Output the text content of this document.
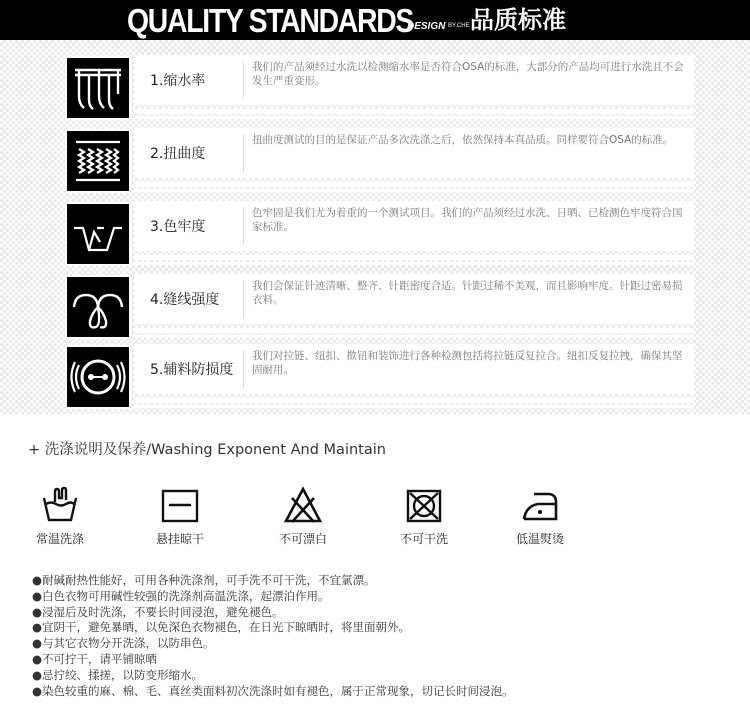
QUALITY STANDARDS
DESIGN BY.CHE 品质标准
1.缩水率
我们的产品须经过水洗以检测缩水率是否符合OSA的标准，大部分的产品均可进行水洗且不会发生严重变形。
2.扭曲度
扭曲度测试的目的是保证产品多次洗涤之后，依然保持本真品质。同样要符合OSA的标准。
3.色牢度
色牢固是我们尤为着重的一个测试项目。我们的产品须经过水洗、日晒、已检测色牢度符合国家标准。
4.缝线强度
我们会保证针迹清晰、整齐、针距密度合适。针距过稀不美观，而且影响牢度。针距过密易损衣料。
5.辅料防损度
我们对拉链、纽扣、揿钮和装饰进行各种检测包括将拉链反复拉合。纽扣反复拉拽，确保其坚固耐用。
+ 洗涤说明及保养/Washing Exponent And Maintain
常温洗涤	悬挂晾干	不可漂白	不可干洗	低温熨烫
●耐碱耐热性能好，可用各种洗涤剂，可手洗不可干洗，不宜氯漂。
●白色衣物可用碱性较强的洗涤剂高温洗涤，起漂泊作用。
●浸湿后及时洗涤，不要长时间浸泡，避免褪色。
●宜阴干，避免暴晒，以免深色衣物褪色，在日光下晾晒时，将里面朝外。
●与其它衣物分开洗涤，以防串色。
●不可拧干，请平铺晾晒
●忌拧绞、揉搓，以防变形缩水。
●染色较重的麻、棉、毛、真丝类面料初次洗涤时如有褪色，属于正常现象，切记长时间浸泡。
